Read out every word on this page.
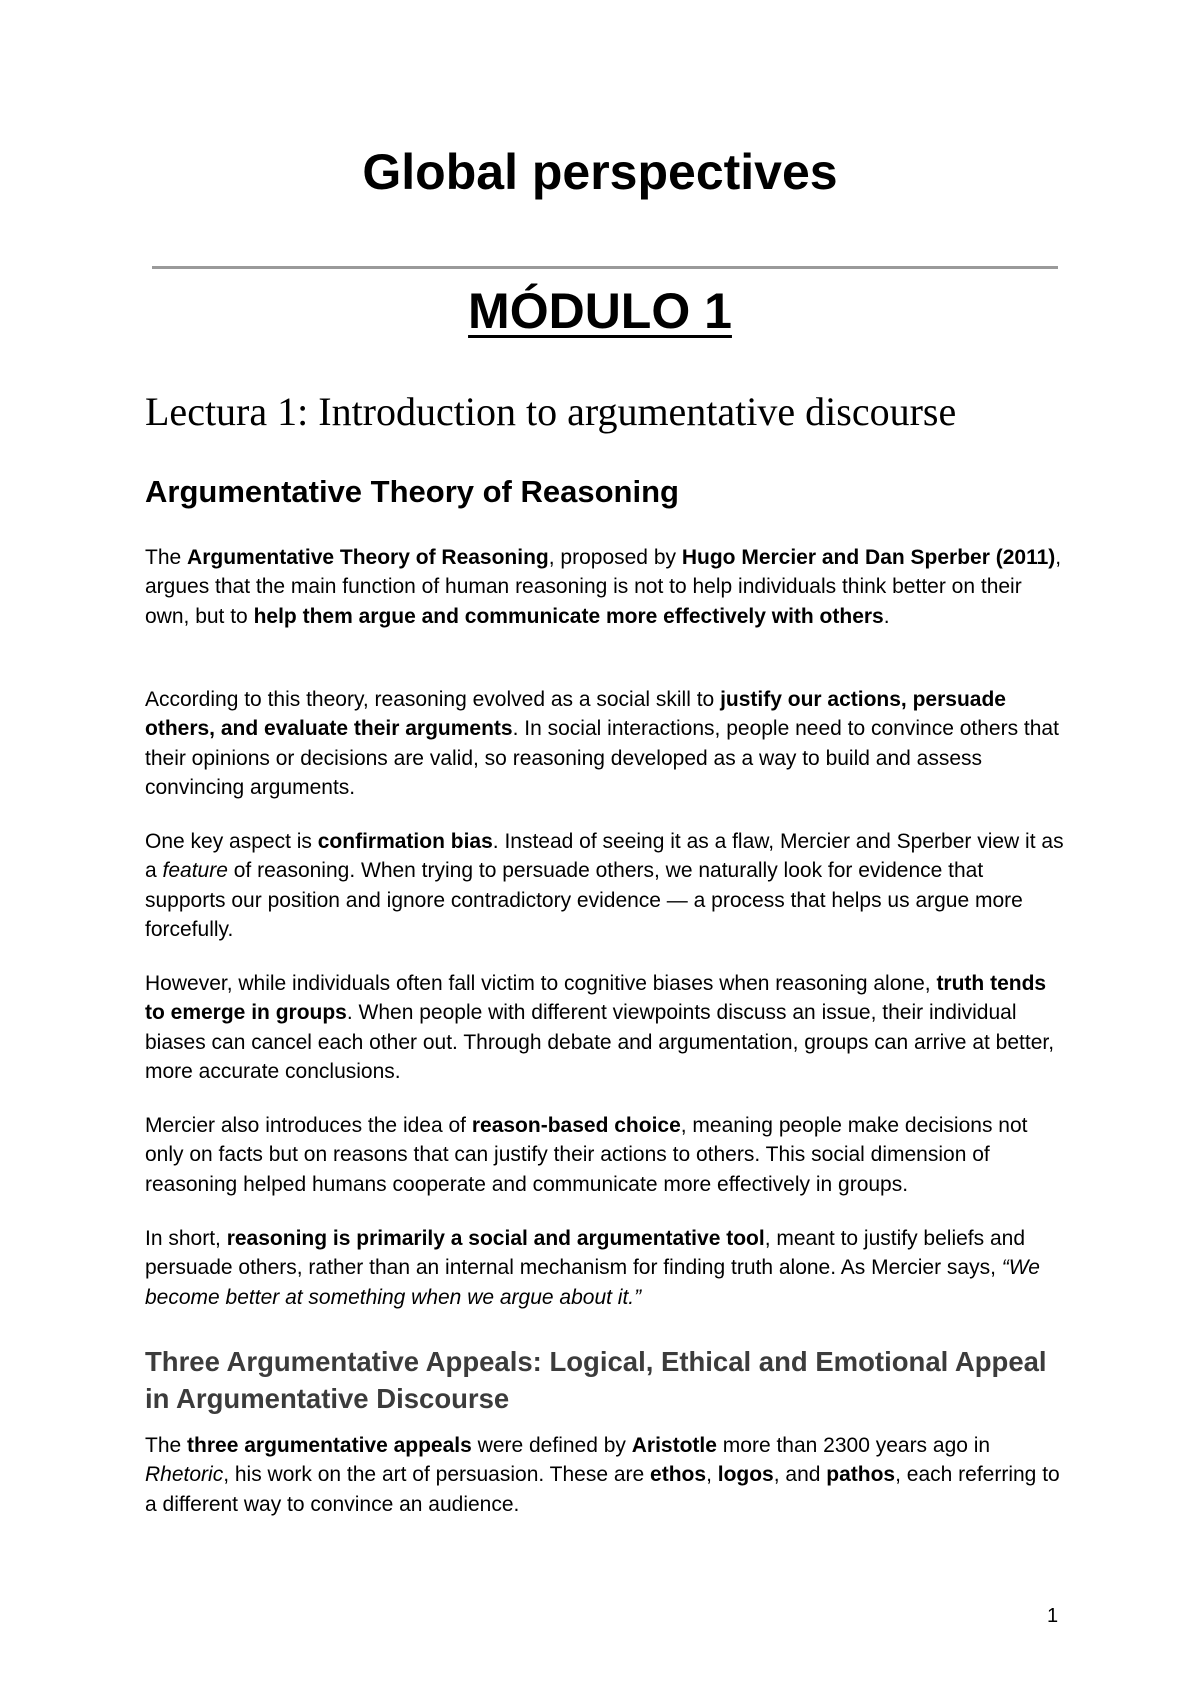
Global perspectives
MÓDULO 1
Lectura 1: Introduction to argumentative discourse
Argumentative Theory of Reasoning

The Argumentative Theory of Reasoning, proposed by Hugo Mercier and Dan Sperber (2011), argues that the main function of human reasoning is not to help individuals think better on their own, but to help them argue and communicate more effectively with others.

According to this theory, reasoning evolved as a social skill to justify our actions, persuade others, and evaluate their arguments. In social interactions, people need to convince others that their opinions or decisions are valid, so reasoning developed as a way to build and assess convincing arguments.

One key aspect is confirmation bias. Instead of seeing it as a flaw, Mercier and Sperber view it as a feature of reasoning. When trying to persuade others, we naturally look for evidence that supports our position and ignore contradictory evidence — a process that helps us argue more forcefully.

However, while individuals often fall victim to cognitive biases when reasoning alone, truth tends to emerge in groups. When people with different viewpoints discuss an issue, their individual biases can cancel each other out. Through debate and argumentation, groups can arrive at better, more accurate conclusions.

Mercier also introduces the idea of reason-based choice, meaning people make decisions not only on facts but on reasons that can justify their actions to others. This social dimension of reasoning helped humans cooperate and communicate more effectively in groups.

In short, reasoning is primarily a social and argumentative tool, meant to justify beliefs and persuade others, rather than an internal mechanism for finding truth alone. As Mercier says, “We become better at something when we argue about it.”

Three Argumentative Appeals: Logical, Ethical and Emotional Appeal in Argumentative Discourse

The three argumentative appeals were defined by Aristotle more than 2300 years ago in Rhetoric, his work on the art of persuasion. These are ethos, logos, and pathos, each referring to a different way to convince an audience.

1
